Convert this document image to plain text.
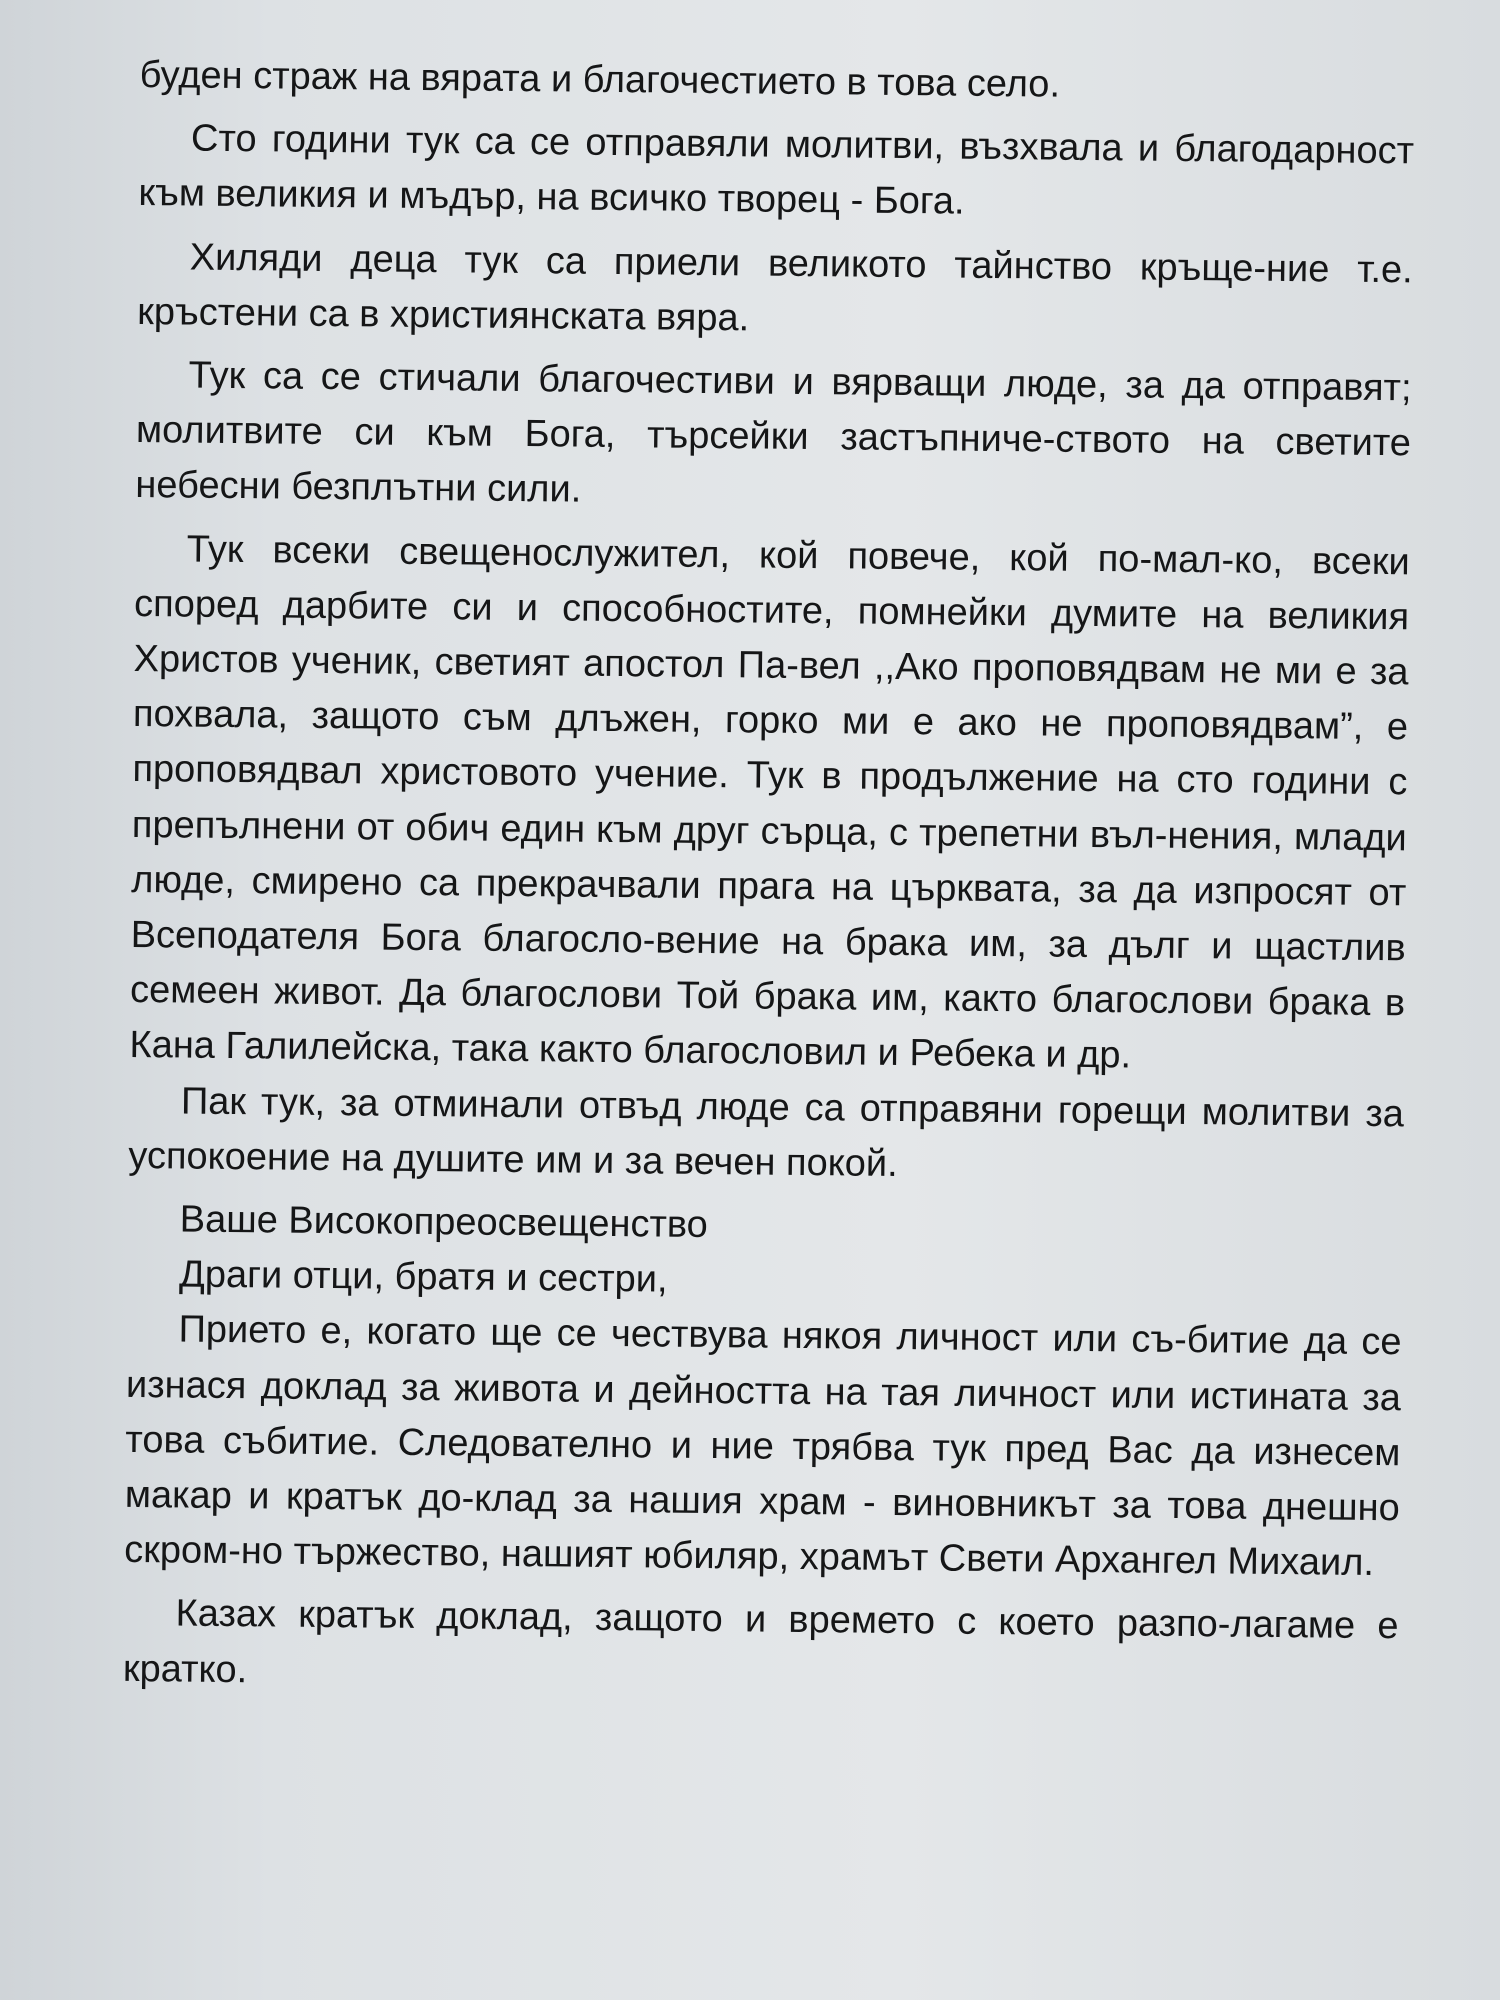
буден страж на вярата и благочестието в това село.

Сто години тук са се отправяли молитви, възхвала и благодарност към великия и мъдър, на всичко творец - Бога.

Хиляди деца тук са приели великото тайнство кръще-ние т.е. кръстени са в християнската вяра.

Тук са се стичали благочестиви и вярващи люде, за да отправят; молитвите си към Бога, търсейки застъпниче-ството на светите небесни безплътни сили.

Тук всеки свещенослужител, кой повече, кой по-мал-ко, всеки според дарбите си и способностите, помнейки думите на великия Христов ученик, светият апостол Па-вел ,,Ако проповядвам не ми е за похвала, защото съм длъжен, горко ми е ако не проповядвам”, е проповядвал христовото учение. Тук в продължение на сто години с препълнени от обич един към друг сърца, с трепетни въл-нения, млади люде, смирено са прекрачвали прага на църквата, за да изпросят от Всеподателя Бога благосло-вение на брака им, за дълг и щастлив семеен живот. Да благослови Той брака им, както благослови брака в Кана Галилейска, така както благословил и Ребека и др.

Пак тук, за отминали отвъд люде са отправяни горещи молитви за успокоение на душите им и за вечен покой.

Ваше Високопреосвещенство

Драги отци, братя и сестри,

Прието е, когато ще се чествува някоя личност или съ-битие да се изнася доклад за живота и дейността на тая личност или истината за това събитие. Следователно и ние трябва тук пред Вас да изнесем макар и кратък до-клад за нашия храм - виновникът за това днешно скром-но тържество, нашият юбиляр, храмът Свети Архангел Михаил.

Казах кратък доклад, защото и времето с което разпо-лагаме е кратко.
